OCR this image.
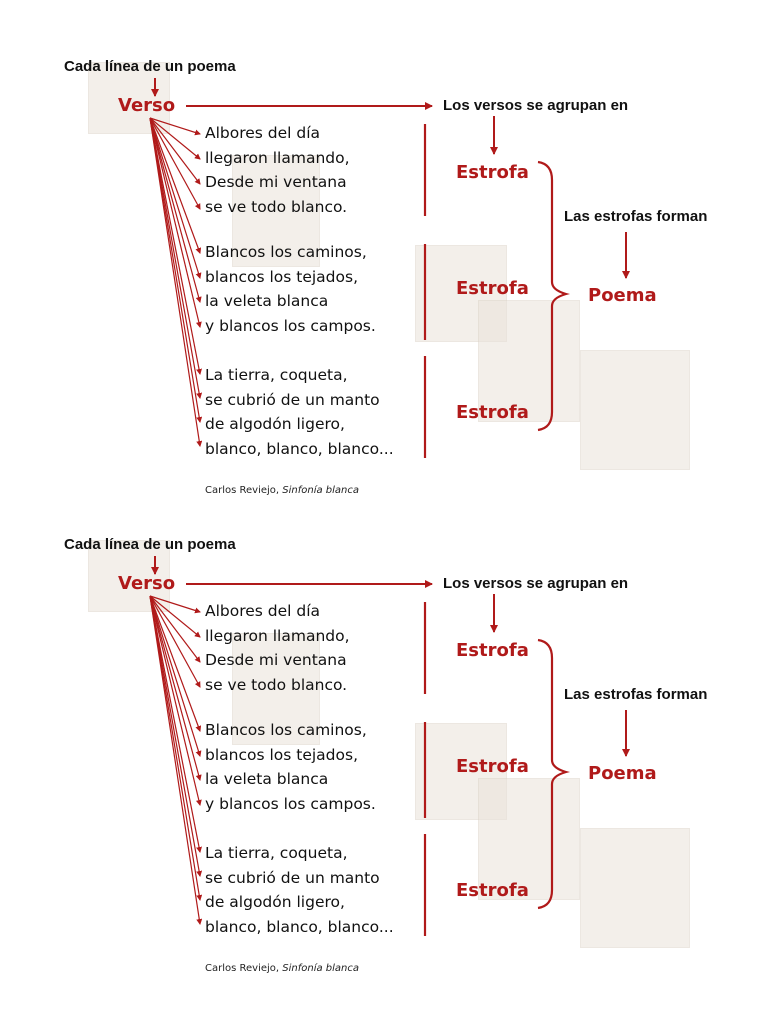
Cada línea de un poema
Verso	Los versos se agrupan en
Estrofa
Estrofa
Estrofa
Las estrofas forman
Poema
Albores del día
llegaron llamando,
Desde mi ventana
se ve todo blanco.
Blancos los caminos,
blancos los tejados,
la veleta blanca
y blancos los campos.
La tierra, coqueta,
se cubrió de un manto
de algodón ligero,
blanco, blanco, blanco...
Carlos Reviejo, Sinfonía blanca
Cada línea de un poema
Verso	Los versos se agrupan en
Estrofa
Estrofa
Estrofa
Las estrofas forman
Poema
Albores del día
llegaron llamando,
Desde mi ventana
se ve todo blanco.
Blancos los caminos,
blancos los tejados,
la veleta blanca
y blancos los campos.
La tierra, coqueta,
se cubrió de un manto
de algodón ligero,
blanco, blanco, blanco...
Carlos Reviejo, Sinfonía blanca
